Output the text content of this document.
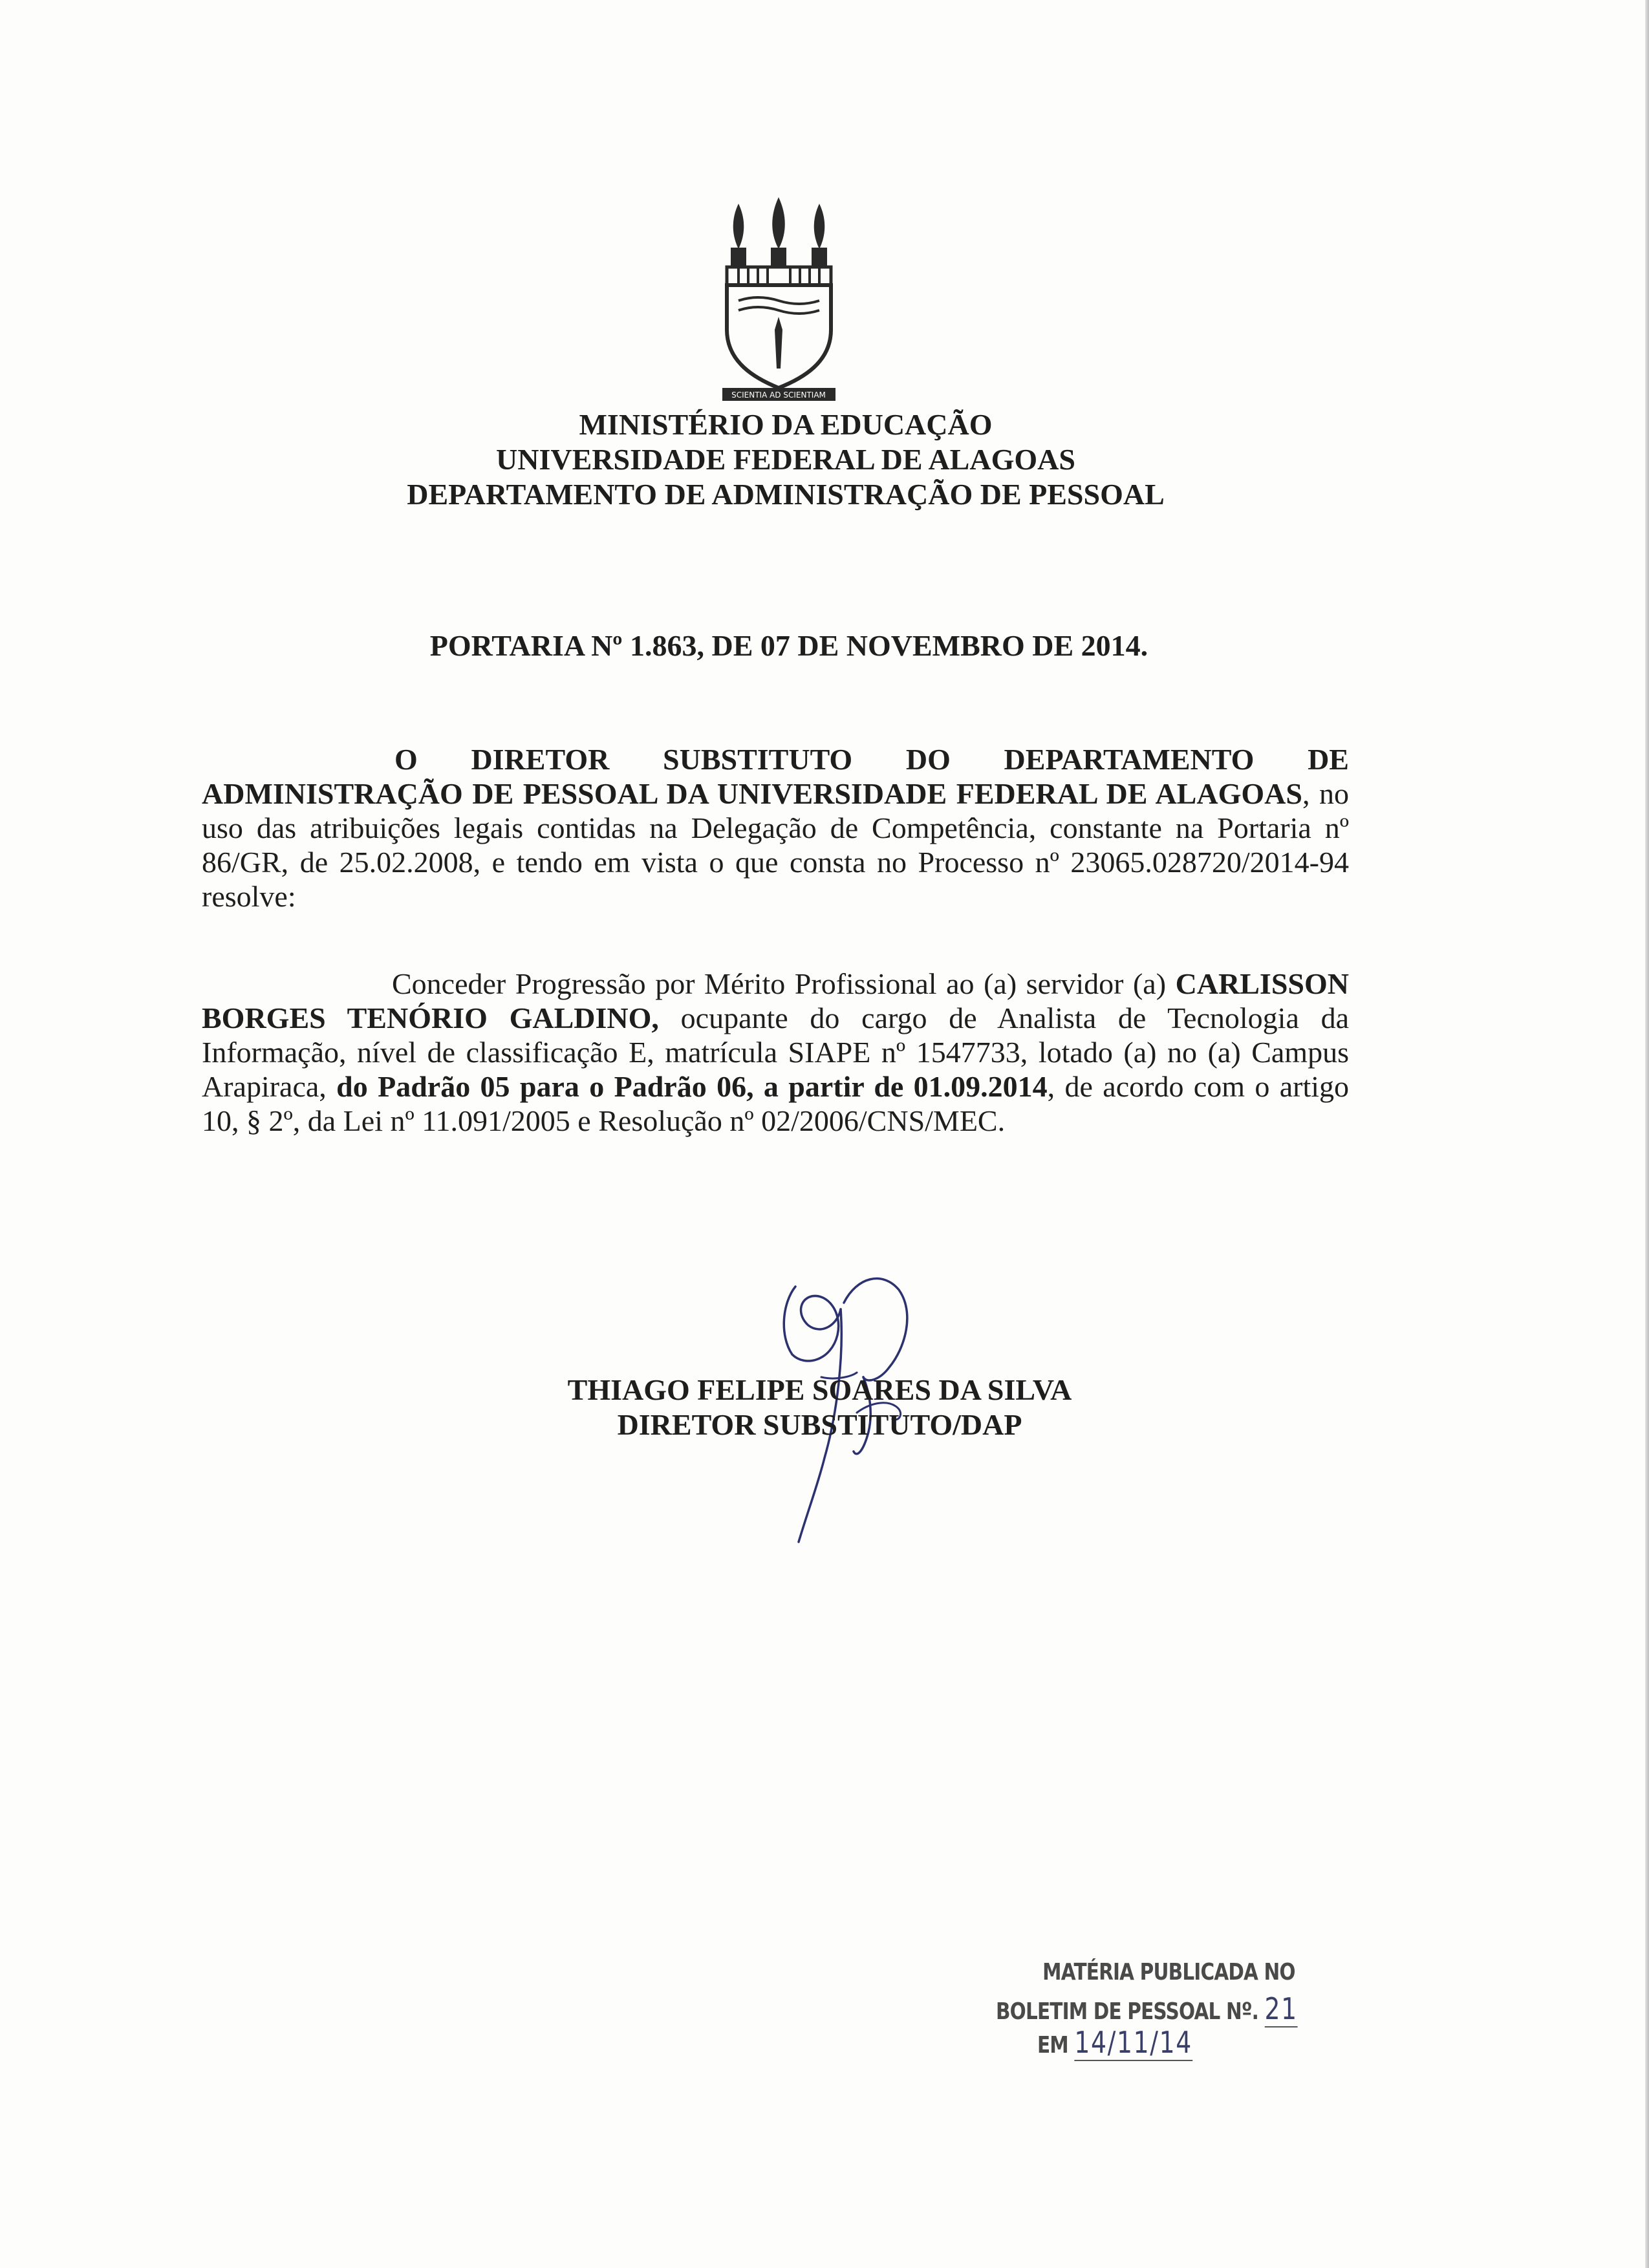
SCIENTIA AD SCIENTIAM
MINISTÉRIO DA EDUCAÇÃO
UNIVERSIDADE FEDERAL DE ALAGOAS
DEPARTAMENTO DE ADMINISTRAÇÃO DE PESSOAL
PORTARIA Nº 1.863, DE 07 DE NOVEMBRO DE 2014.
O DIRETOR SUBSTITUTO DO DEPARTAMENTO DE ADMINISTRAÇÃO DE PESSOAL DA UNIVERSIDADE FEDERAL DE ALAGOAS, no uso das atribuições legais contidas na Delegação de Competência, constante na Portaria nº 86/GR, de 25.02.2008, e tendo em vista o que consta no Processo nº 23065.028720/2014-94 resolve:
Conceder Progressão por Mérito Profissional ao (a) servidor (a) CARLISSON BORGES TENÓRIO GALDINO, ocupante do cargo de Analista de Tecnologia da Informação, nível de classificação E, matrícula SIAPE nº 1547733, lotado (a) no (a) Campus Arapiraca, do Padrão 05 para o Padrão 06, a partir de 01.09.2014, de acordo com o artigo 10, § 2º, da Lei nº 11.091/2005 e Resolução nº 02/2006/CNS/MEC.
THIAGO FELIPE SOARES DA SILVA
DIRETOR SUBSTITUTO/DAP
MATÉRIA PUBLICADA NO
BOLETIM DE PESSOAL Nº. 21
EM 14/11/14
